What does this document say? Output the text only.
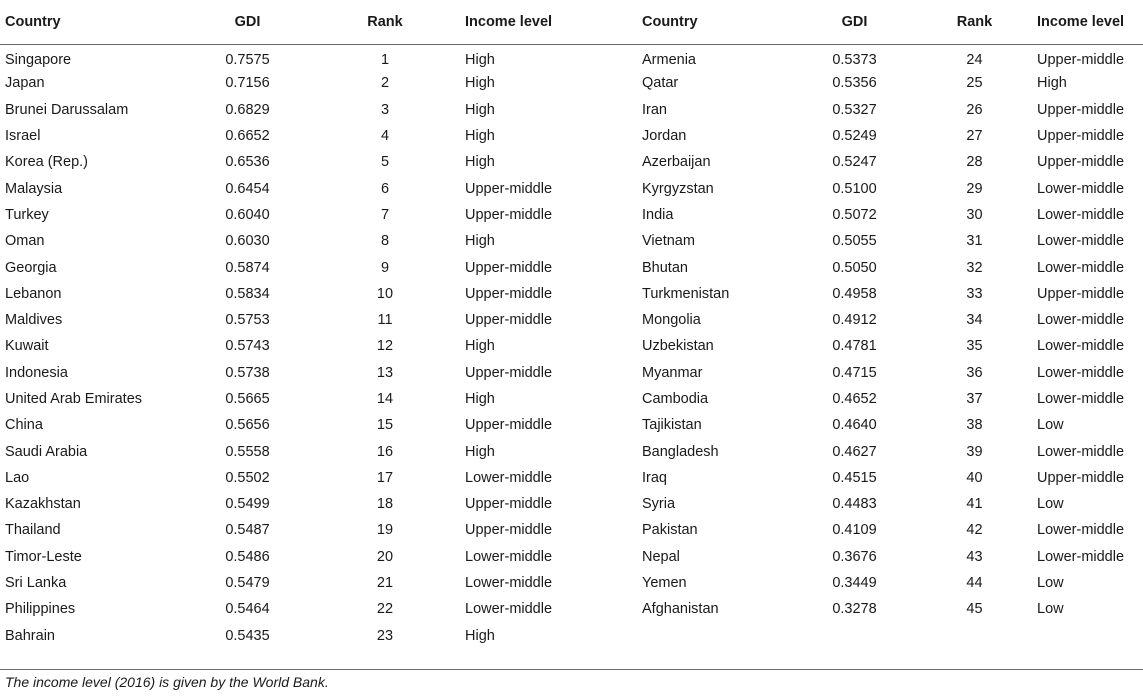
Country	GDI	Rank	Income level	Country	GDI	Rank	Income level
Singapore	0.7575	1	High	Armenia	0.5373	24	Upper-middle
Japan	0.7156	2	High	Qatar	0.5356	25	High
Brunei Darussalam	0.6829	3	High	Iran	0.5327	26	Upper-middle
Israel	0.6652	4	High	Jordan	0.5249	27	Upper-middle
Korea (Rep.)	0.6536	5	High	Azerbaijan	0.5247	28	Upper-middle
Malaysia	0.6454	6	Upper-middle	Kyrgyzstan	0.5100	29	Lower-middle
Turkey	0.6040	7	Upper-middle	India	0.5072	30	Lower-middle
Oman	0.6030	8	High	Vietnam	0.5055	31	Lower-middle
Georgia	0.5874	9	Upper-middle	Bhutan	0.5050	32	Lower-middle
Lebanon	0.5834	10	Upper-middle	Turkmenistan	0.4958	33	Upper-middle
Maldives	0.5753	11	Upper-middle	Mongolia	0.4912	34	Lower-middle
Kuwait	0.5743	12	High	Uzbekistan	0.4781	35	Lower-middle
Indonesia	0.5738	13	Upper-middle	Myanmar	0.4715	36	Lower-middle
United Arab Emirates	0.5665	14	High	Cambodia	0.4652	37	Lower-middle
China	0.5656	15	Upper-middle	Tajikistan	0.4640	38	Low
Saudi Arabia	0.5558	16	High	Bangladesh	0.4627	39	Lower-middle
Lao	0.5502	17	Lower-middle	Iraq	0.4515	40	Upper-middle
Kazakhstan	0.5499	18	Upper-middle	Syria	0.4483	41	Low
Thailand	0.5487	19	Upper-middle	Pakistan	0.4109	42	Lower-middle
Timor-Leste	0.5486	20	Lower-middle	Nepal	0.3676	43	Lower-middle
Sri Lanka	0.5479	21	Lower-middle	Yemen	0.3449	44	Low
Philippines	0.5464	22	Lower-middle	Afghanistan	0.3278	45	Low
Bahrain	0.5435	23	High				
The income level (2016) is given by the World Bank.
